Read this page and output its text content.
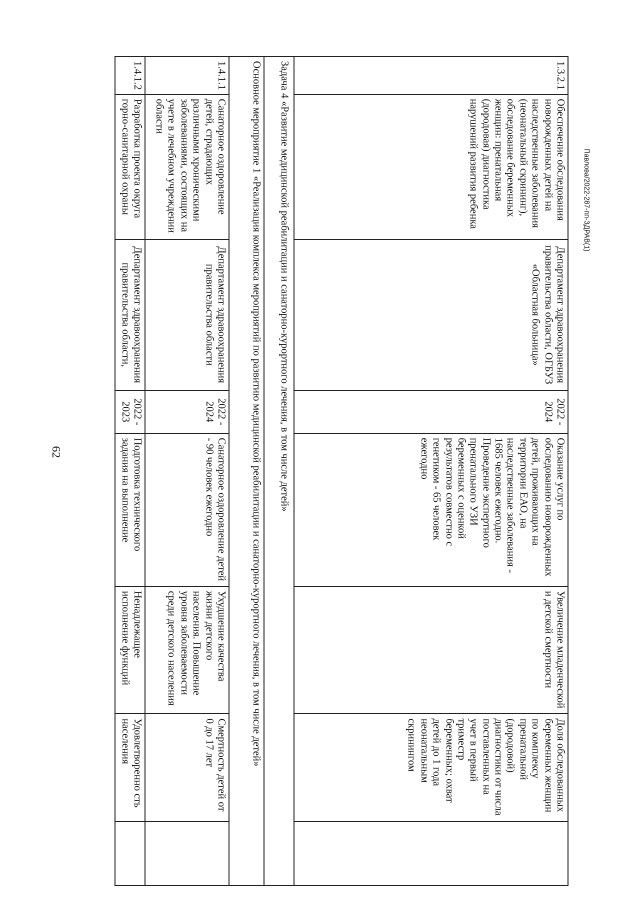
62
Павлова/2022-287-пп-ЗДРАВ(1)
1.3.2.1	Обеспечение обследования новорожденных детей на наследственные заболевания (неонатальный скрининг), обследование беременных женщин: пренатальная (дородовая) диагностика нарушений развития ребенка	Департамент здравоохранения правительства области, ОГБУЗ «Областная больница»	2022 - 2024	Оказание услуг по обследованию новорожденных детей, проживающих на территории ЕАО, на наследственные заболевания - 1685 человек ежегодно. Проведение экспертного пренатального УЗИ беременных с оценкой результатов совместно с генетиком - 65 человек ежегодно	Увеличение младенческой и детской смертности	Доля обследованных беременных женщин по комплексу пренатальной (дородовой) диагностики от числа поставленных на учет в первый триместр беременных; охват детей до 1 года неонатальным скринингом	
Задача 4 «Развитие медицинской реабилитации и санаторно-курортного лечения, в том числе детей»							
Основное мероприятие 1 «Реализация комплекса мероприятий по развитию медицинской реабилитации и санаторно-курортного лечения, в том числе детей»							
1.4.1.1	Санаторное оздоровление детей, страдающих различными хроническими заболеваниями, состоящих на учете в лечебном учреждении области	Департамент здравоохранения правительства области	2022 - 2024	Санаторное оздоровление детей - 90 человек ежегодно	Ухудшение качества жизни детского населения. Повышение уровня заболеваемости среди детского населения	Смертность детей от 0 до 17 лет	
1.4.1.2	Разработка проекта округа горно-санитарной охраны	Департамент здравоохранения правительства области,	2022 - 2023	Подготовка технического задания на выполнение	Ненадлежащее исполнение функций	Удовлетворенно сть населения	
